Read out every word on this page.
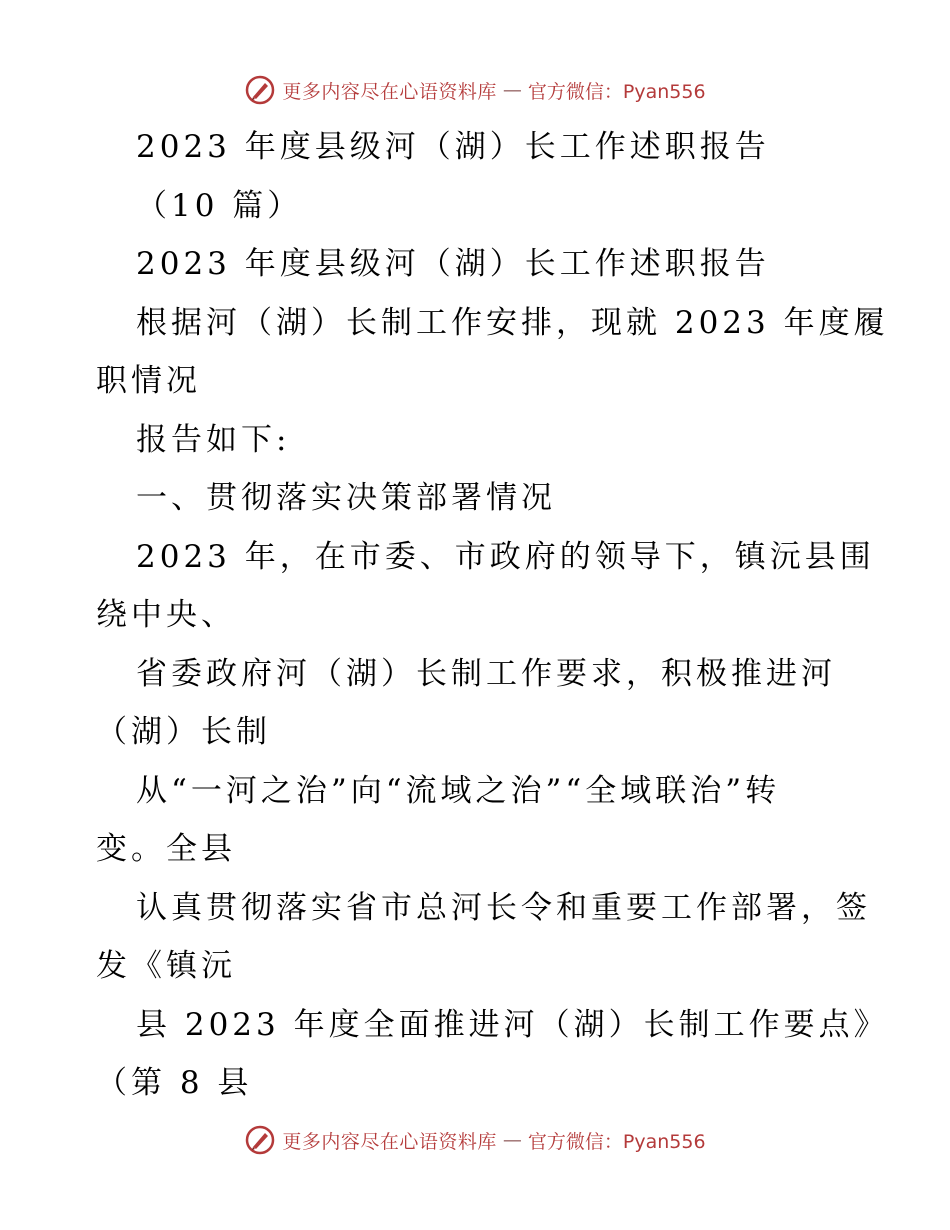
更多内容尽在心语资料库 — 官方微信：Pyan556

2023 年度县级河（湖）长工作述职报告

（10 篇）

2023 年度县级河（湖）长工作述职报告

根据河（湖）长制工作安排，现就 2023 年度履

职情况

报告如下:

一、贯彻落实决策部署情况

2023 年，在市委、市政府的领导下，镇沅县围

绕中央、

省委政府河（湖）长制工作要求，积极推进河

（湖）长制

从“一河之治”向“流域之治”“全域联治”转

变。全县

认真贯彻落实省市总河长令和重要工作部署，签

发《镇沅

县 2023 年度全面推进河（湖）长制工作要点》

（第 8 县

更多内容尽在心语资料库 — 官方微信：Pyan556
